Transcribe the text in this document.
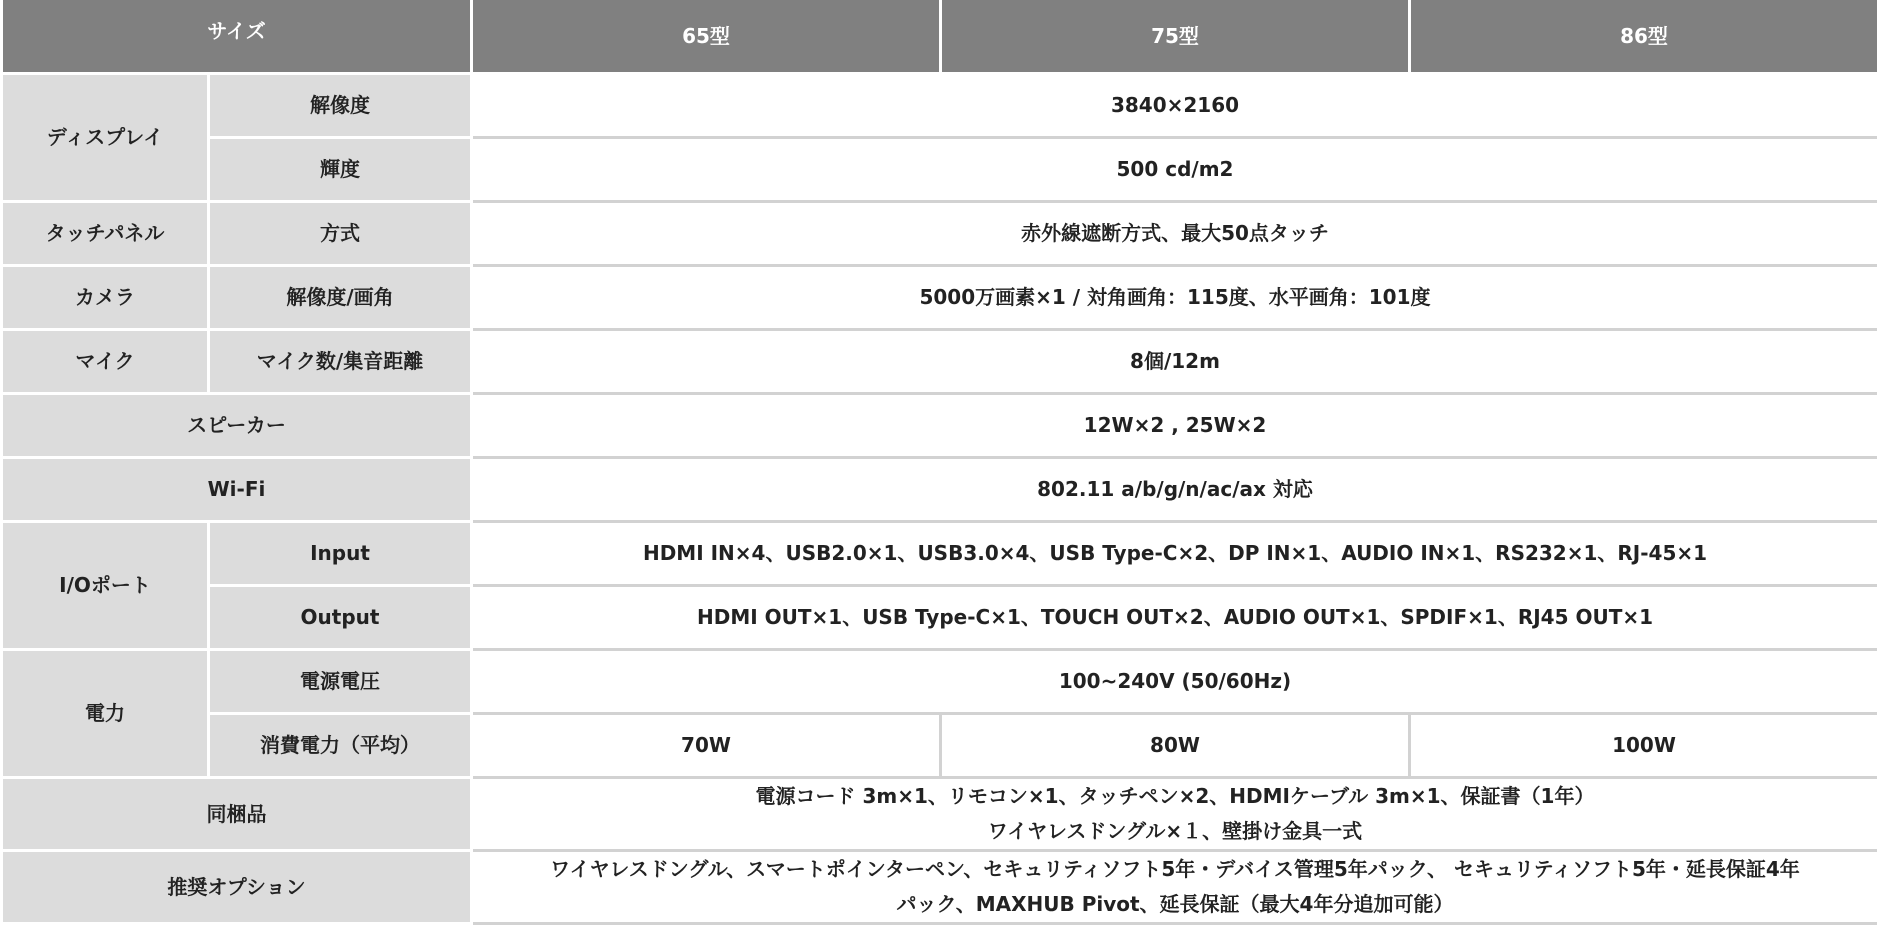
サイズ		65型	75型	86型
ディスプレイ	解像度	3840×2160		
	輝度	500 cd/m2		
タッチパネル	方式	赤外線遮断方式、最大50点タッチ		
カメラ	解像度/画角	5000万画素×1 / 対角画角：115度、水平画角：101度		
マイク	マイク数/集音距離	8個/12m		
スピーカー		12W×2 , 25W×2		
Wi-Fi		802.11 a/b/g/n/ac/ax 対応		
I/Oポート	Input	HDMI IN×4、USB2.0×1、USB3.0×4、USB Type-C×2、DP IN×1、AUDIO IN×1、RS232×1、RJ-45×1		
	Output	HDMI OUT×1、USB Type-C×1、TOUCH OUT×2、AUDIO OUT×1、SPDIF×1、RJ45 OUT×1		
電力	電源電圧	100~240V (50/60Hz)		
	消費電力（平均）	70W	80W	100W
同梱品		電源コード 3m×1、リモコン×1、タッチペン×2、HDMIケーブル 3m×1、保証書（1年）
ワイヤレスドングル×１、壁掛け金具一式		

推奨オプション		ワイヤレスドングル、スマートポインターペン、セキュリティソフト5年・デバイス管理5年パック、 セキュリティソフト5年・延長保証4年
パック、MAXHUB Pivot、延長保証（最大4年分追加可能）		
